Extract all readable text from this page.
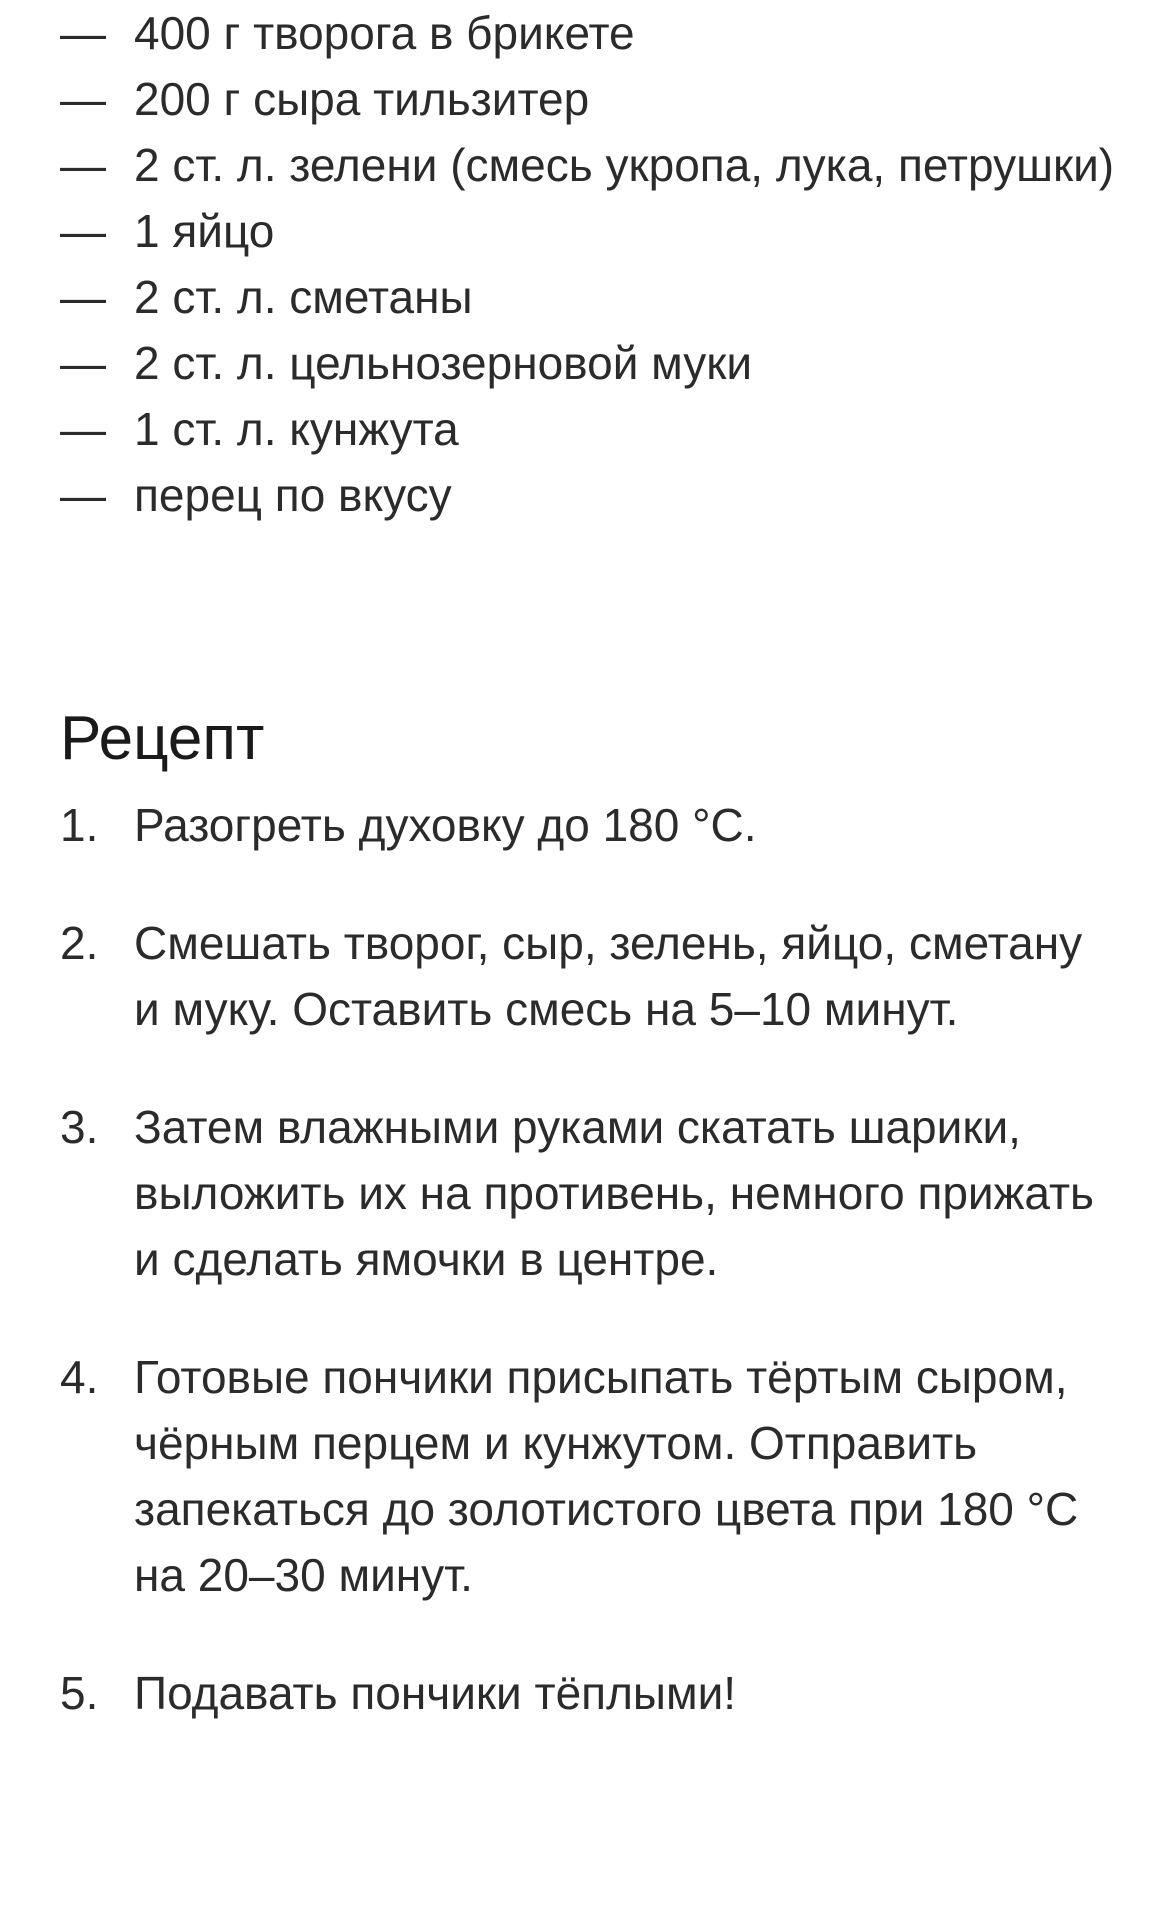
— 400 г творога в брикете
— 200 г сыра тильзитер
— 2 ст. л. зелени (смесь укропа, лука, петрушки)
— 1 яйцо
— 2 ст. л. сметаны
— 2 ст. л. цельнозерновой муки
— 1 ст. л. кунжута
— перец по вкусу
Рецепт
1. Разогреть духовку до 180 °C.
2. Смешать творог, сыр, зелень, яйцо, сметану и муку. Оставить смесь на 5–10 минут.
3. Затем влажными руками скатать шарики, выложить их на противень, немного прижать и сделать ямочки в центре.
4. Готовые пончики присыпать тёртым сыром, чёрным перцем и кунжутом. Отправить запекаться до золотистого цвета при 180 °C на 20–30 минут.
5. Подавать пончики тёплыми!
